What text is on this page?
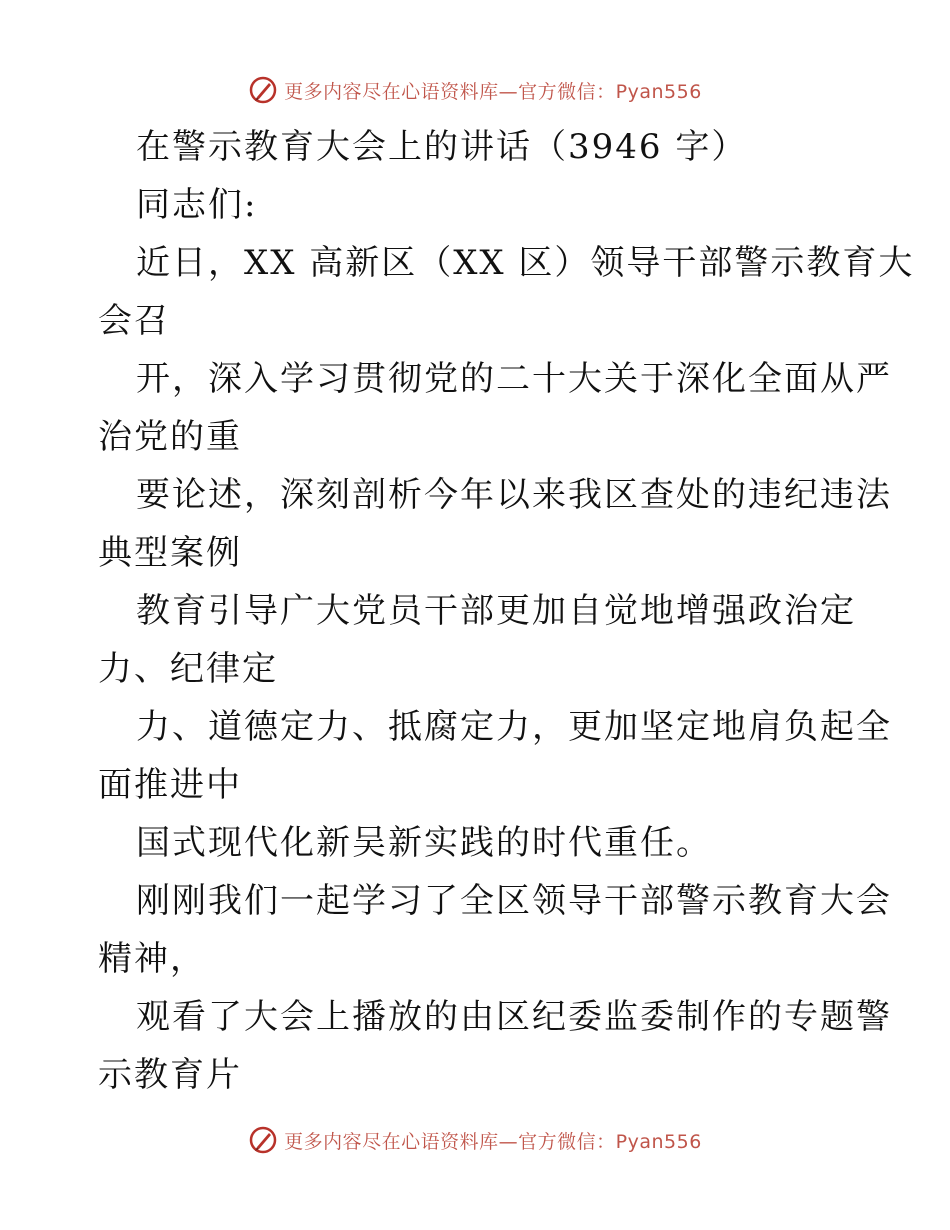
更多内容尽在心语资料库—官方微信：Pyan556
在警示教育大会上的讲话（3946 字）
同志们:
近日，XX 高新区（XX 区）领导干部警示教育大
会召
开，深入学习贯彻党的二十大关于深化全面从严
治党的重
要论述，深刻剖析今年以来我区查处的违纪违法
典型案例
教育引导广大党员干部更加自觉地增强政治定
力、纪律定
力、道德定力、抵腐定力，更加坚定地肩负起全
面推进中
国式现代化新吴新实践的时代重任。
刚刚我们一起学习了全区领导干部警示教育大会
精神，
观看了大会上播放的由区纪委监委制作的专题警
示教育片
更多内容尽在心语资料库—官方微信：Pyan556
